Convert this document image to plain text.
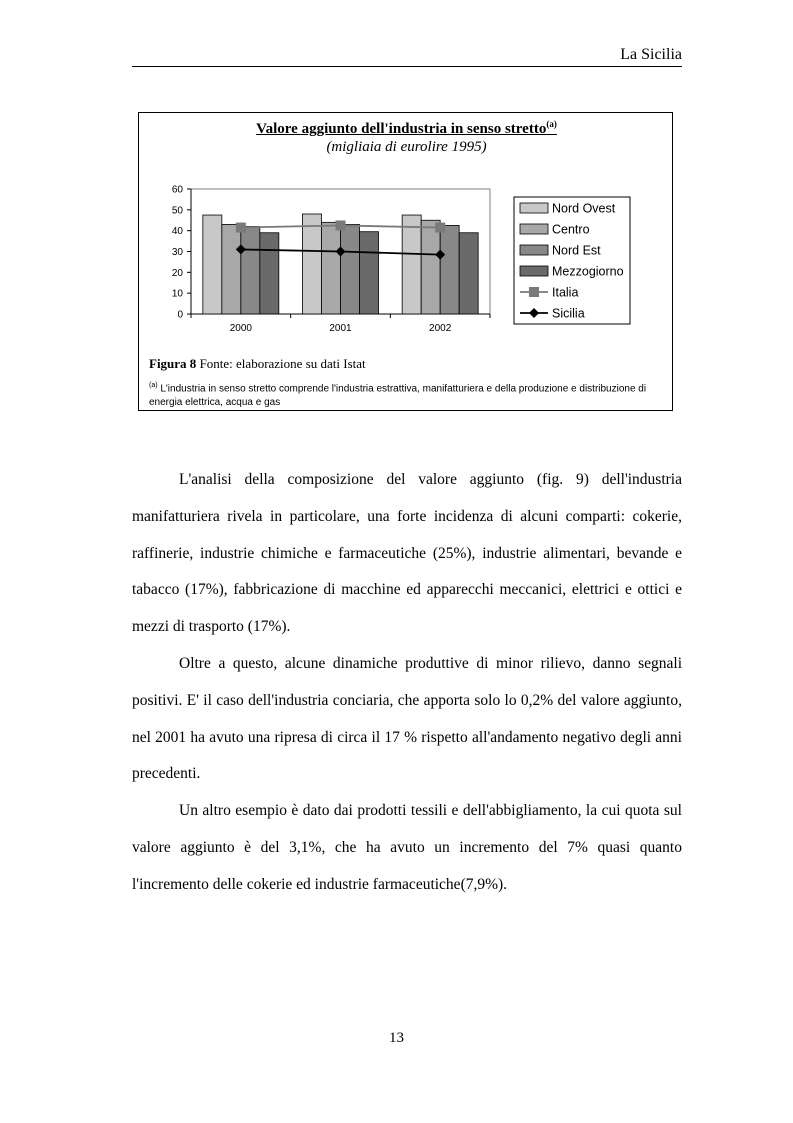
La Sicilia
Valore aggiunto dell'industria in senso stretto$^{(a)}$
(migliaia di eurolire 1995)
0
10
20
30
40
50
60
2000	2001	2002
Nord Ovest
Centro
Nord Est
Mezzogiorno
Italia
Sicilia
Figura 8 Fonte: elaborazione su dati Istat
$^{(a)}$ L'industria in senso stretto comprende l'industria estrattiva, manifatturiera e della produzione e distribuzione di energia elettrica, acqua e gas

L'analisi della composizione del valore aggiunto (fig. 9) dell'industria manifatturiera rivela in particolare, una forte incidenza di alcuni comparti: cokerie, raffinerie, industrie chimiche e farmaceutiche (25%), industrie alimentari, bevande e tabacco (17%), fabbricazione di macchine ed apparecchi meccanici, elettrici e ottici e mezzi di trasporto (17%).

Oltre a questo, alcune dinamiche produttive di minor rilievo, danno segnali positivi. E' il caso dell'industria conciaria, che apporta solo lo 0,2% del valore aggiunto, nel 2001 ha avuto una ripresa di circa il 17 % rispetto all'andamento negativo degli anni precedenti.

Un altro esempio è dato dai prodotti tessili e dell'abbigliamento, la cui quota sul valore aggiunto è del 3,1%, che ha avuto un incremento del 7% quasi quanto l'incremento delle cokerie ed industrie farmaceutiche(7,9%).

13
